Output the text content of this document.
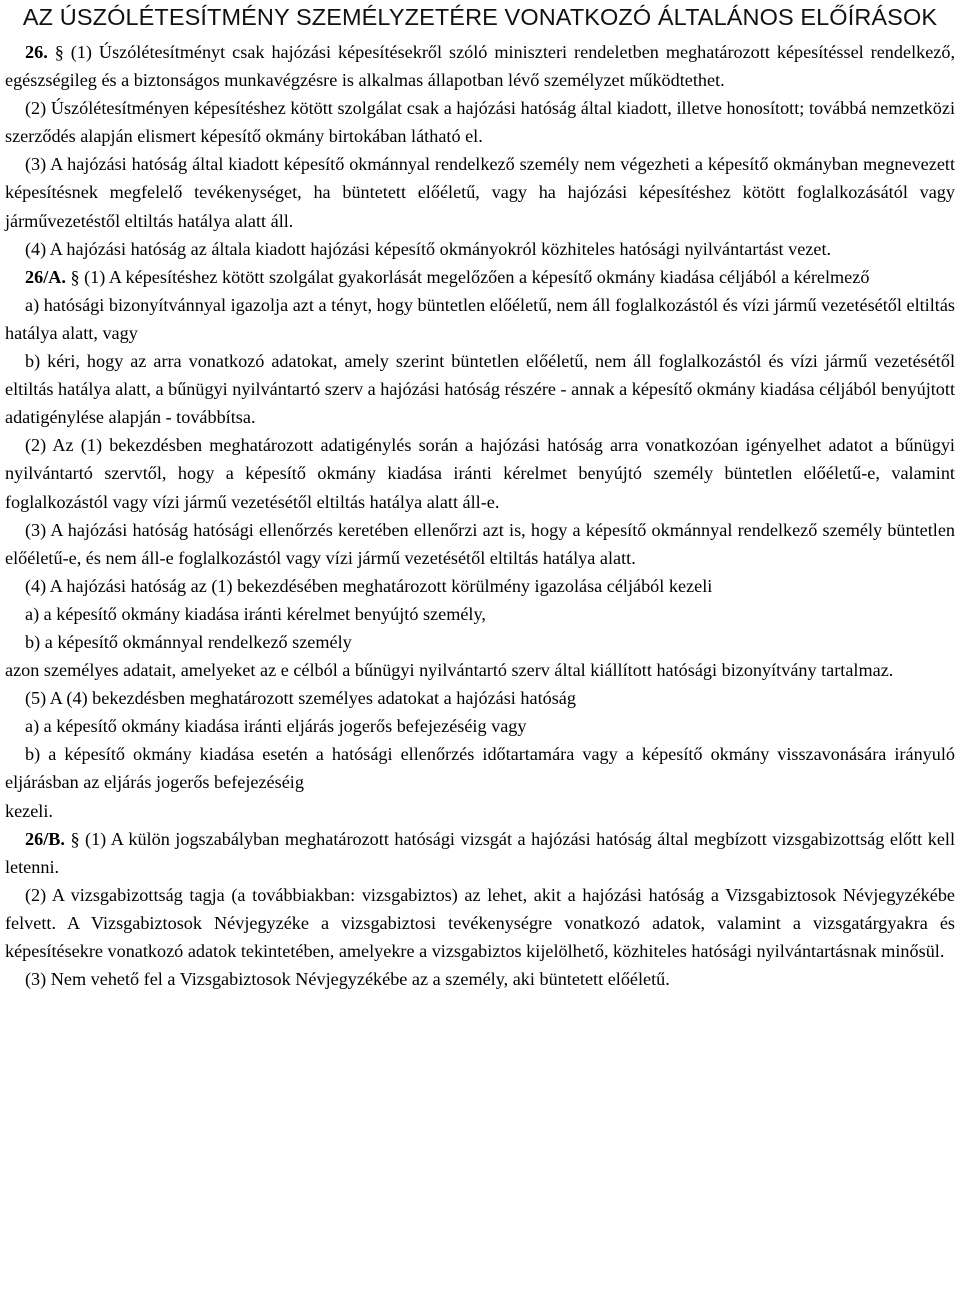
AZ ÚSZÓLÉTESÍTMÉNY SZEMÉLYZETÉRE VONATKOZÓ ÁLTALÁNOS ELŐÍRÁSOK

26. § (1) Úszólétesítményt csak hajózási képesítésekről szóló miniszteri rendeletben meghatározott képesítéssel rendelkező, egészségileg és a biztonságos munkavégzésre is alkalmas állapotban lévő személyzet működtethet.

(2) Úszólétesítményen képesítéshez kötött szolgálat csak a hajózási hatóság által kiadott, illetve honosított; továbbá nemzetközi szerződés alapján elismert képesítő okmány birtokában látható el.

(3) A hajózási hatóság által kiadott képesítő okmánnyal rendelkező személy nem végezheti a képesítő okmányban megnevezett képesítésnek megfelelő tevékenységet, ha büntetett előéletű, vagy ha hajózási képesítéshez kötött foglalkozásától vagy járművezetéstől eltiltás hatálya alatt áll.

(4) A hajózási hatóság az általa kiadott hajózási képesítő okmányokról közhiteles hatósági nyilvántartást vezet.

26/A. § (1) A képesítéshez kötött szolgálat gyakorlását megelőzően a képesítő okmány kiadása céljából a kérelmező

a) hatósági bizonyítvánnyal igazolja azt a tényt, hogy büntetlen előéletű, nem áll foglalkozástól és vízi jármű vezetésétől eltiltás hatálya alatt, vagy

b) kéri, hogy az arra vonatkozó adatokat, amely szerint büntetlen előéletű, nem áll foglalkozástól és vízi jármű vezetésétől eltiltás hatálya alatt, a bűnügyi nyilvántartó szerv a hajózási hatóság részére - annak a képesítő okmány kiadása céljából benyújtott adatigénylése alapján - továbbítsa.

(2) Az (1) bekezdésben meghatározott adatigénylés során a hajózási hatóság arra vonatkozóan igényelhet adatot a bűnügyi nyilvántartó szervtől, hogy a képesítő okmány kiadása iránti kérelmet benyújtó személy büntetlen előéletű-e, valamint foglalkozástól vagy vízi jármű vezetésétől eltiltás hatálya alatt áll-e.

(3) A hajózási hatóság hatósági ellenőrzés keretében ellenőrzi azt is, hogy a képesítő okmánnyal rendelkező személy büntetlen előéletű-e, és nem áll-e foglalkozástól vagy vízi jármű vezetésétől eltiltás hatálya alatt.

(4) A hajózási hatóság az (1) bekezdésében meghatározott körülmény igazolása céljából kezeli

a) a képesítő okmány kiadása iránti kérelmet benyújtó személy,

b) a képesítő okmánnyal rendelkező személy

azon személyes adatait, amelyeket az e célból a bűnügyi nyilvántartó szerv által kiállított hatósági bizonyítvány tartalmaz.

(5) A (4) bekezdésben meghatározott személyes adatokat a hajózási hatóság

a) a képesítő okmány kiadása iránti eljárás jogerős befejezéséig vagy

b) a képesítő okmány kiadása esetén a hatósági ellenőrzés időtartamára vagy a képesítő okmány visszavonására irányuló eljárásban az eljárás jogerős befejezéséig

kezeli.

26/B. § (1) A külön jogszabályban meghatározott hatósági vizsgát a hajózási hatóság által megbízott vizsgabizottság előtt kell letenni.

(2) A vizsgabizottság tagja (a továbbiakban: vizsgabiztos) az lehet, akit a hajózási hatóság a Vizsgabiztosok Névjegyzékébe felvett. A Vizsgabiztosok Névjegyzéke a vizsgabiztosi tevékenységre vonatkozó adatok, valamint a vizsgatárgyakra és képesítésekre vonatkozó adatok tekintetében, amelyekre a vizsgabiztos kijelölhető, közhiteles hatósági nyilvántartásnak minősül.

(3) Nem vehető fel a Vizsgabiztosok Névjegyzékébe az a személy, aki büntetett előéletű.
